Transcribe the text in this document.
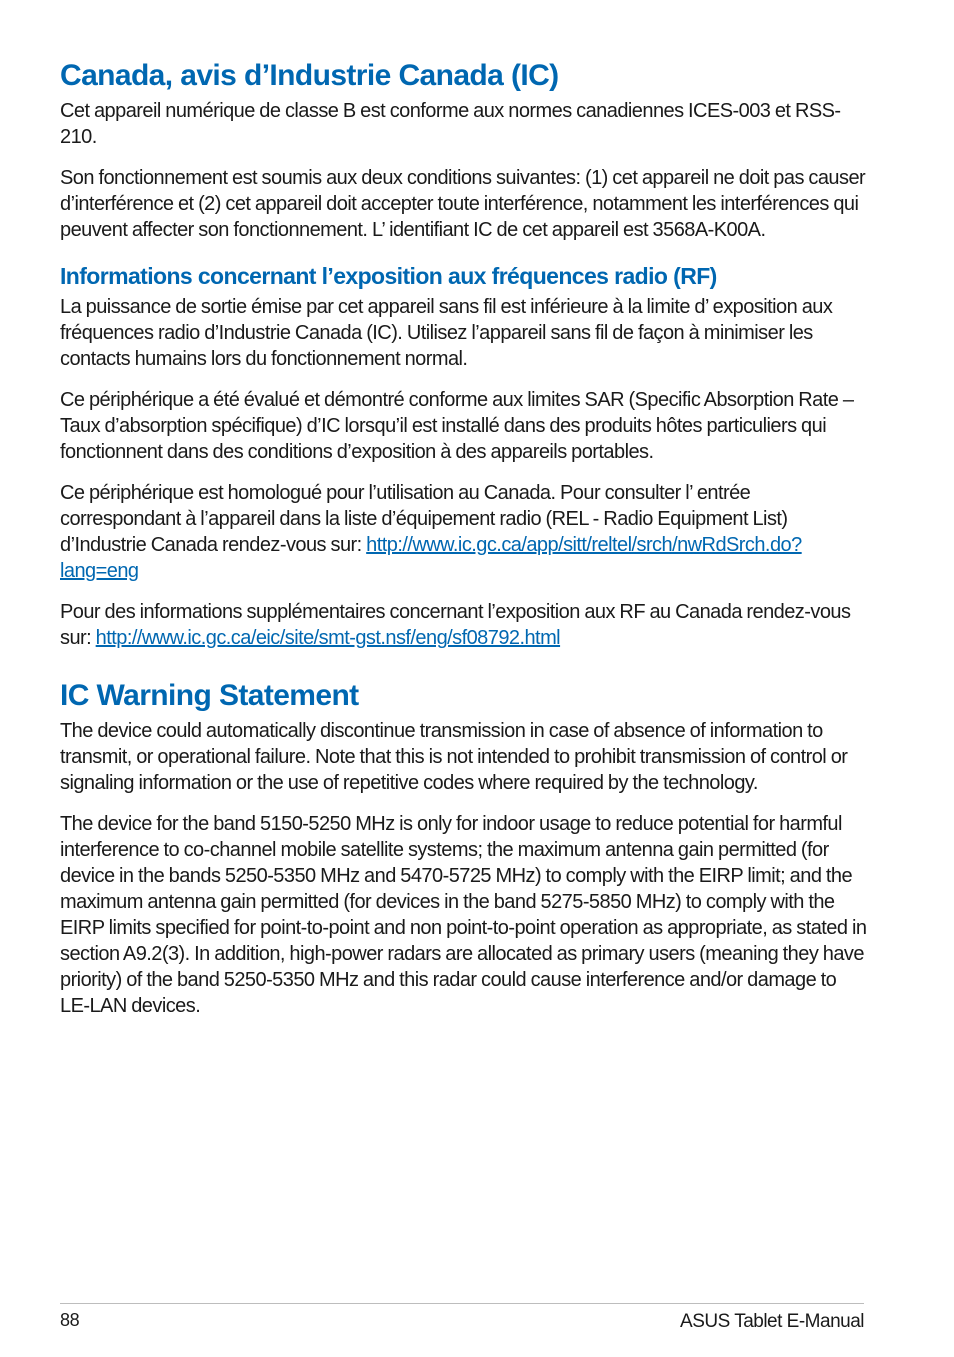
Canada, avis d’Industrie Canada (IC)

Cet appareil numérique de classe B est conforme aux normes canadiennes ICES-003 et RSS-210.

Son fonctionnement est soumis aux deux conditions suivantes: (1) cet appareil ne doit pas causer d’interférence et (2) cet appareil doit accepter toute interférence, notamment les interférences qui peuvent affecter son fonctionnement. L’ identifiant IC de cet appareil est 3568A-K00A.

Informations concernant l’exposition aux fréquences radio (RF)

La puissance de sortie émise par cet appareil sans fil est inférieure à la limite d’ exposition aux fréquences radio d’Industrie Canada (IC). Utilisez l’appareil sans fil de façon à minimiser les contacts humains lors du fonctionnement normal.

Ce périphérique a été évalué et démontré conforme aux limites SAR (Specific Absorption Rate – Taux d’absorption spécifique) d’IC lorsqu’il est installé dans des produits hôtes particuliers qui fonctionnent dans des conditions d’exposition à des appareils portables.

Ce périphérique est homologué pour l’utilisation au Canada. Pour consulter l’ entrée correspondant à l’appareil dans la liste d’équipement radio (REL - Radio Equipment List) d’Industrie Canada rendez-vous sur: http://www.ic.gc.ca/app/sitt/reltel/srch/nwRdSrch.do?lang=eng

Pour des informations supplémentaires concernant l’exposition aux RF au Canada rendez-vous sur: http://www.ic.gc.ca/eic/site/smt-gst.nsf/eng/sf08792.html

IC Warning Statement

The device could automatically discontinue transmission in case of absence of information to transmit, or operational failure. Note that this is not intended to prohibit transmission of control or signaling information or the use of repetitive codes where required by the technology.

The device for the band 5150-5250 MHz is only for indoor usage to reduce potential for harmful interference to co-channel mobile satellite systems; the maximum antenna gain permitted (for device in the bands 5250-5350 MHz and 5470-5725 MHz) to comply with the EIRP limit; and the maximum antenna gain permitted (for devices in the band 5275-5850 MHz) to comply with the EIRP limits specified for point-to-point and non point-to-point operation as appropriate, as stated in section A9.2(3). In addition, high-power radars are allocated as primary users (meaning they have priority) of the band 5250-5350 MHz and this radar could cause interference and/or damage to LE-LAN devices.

88	ASUS Tablet E-Manual
